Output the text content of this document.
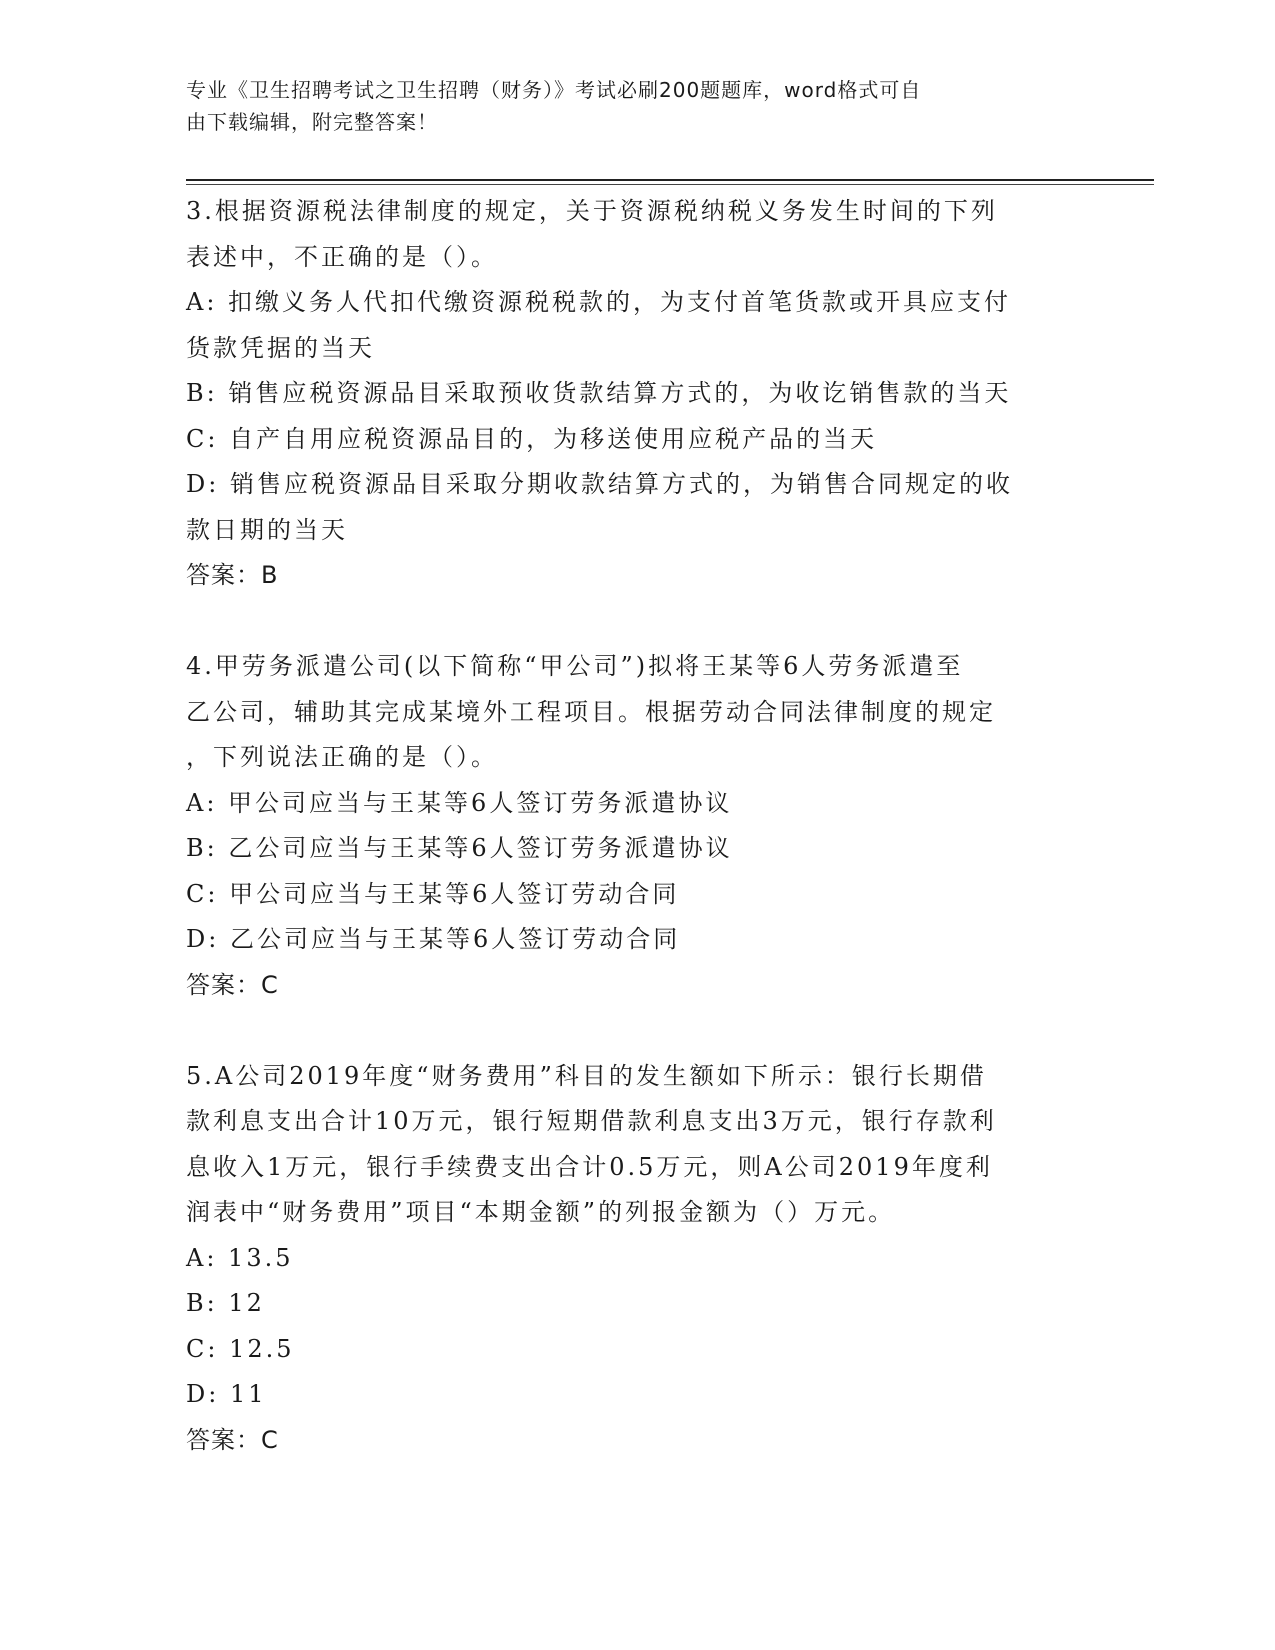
专业《卫生招聘考试之卫生招聘（财务）》考试必刷200题题库，word格式可自
由下载编辑，附完整答案！

3.根据资源税法律制度的规定，关于资源税纳税义务发生时间的下列

表述中，不正确的是（）。

A: 扣缴义务人代扣代缴资源税税款的，为支付首笔货款或开具应支付

货款凭据的当天

B: 销售应税资源品目采取预收货款结算方式的，为收讫销售款的当天

C: 自产自用应税资源品目的，为移送使用应税产品的当天

D: 销售应税资源品目采取分期收款结算方式的，为销售合同规定的收

款日期的当天

答案：B

4.甲劳务派遣公司(以下简称“甲公司”)拟将王某等6人劳务派遣至

乙公司，辅助其完成某境外工程项目。根据劳动合同法律制度的规定

，下列说法正确的是（）。

A: 甲公司应当与王某等6人签订劳务派遣协议

B: 乙公司应当与王某等6人签订劳务派遣协议

C: 甲公司应当与王某等6人签订劳动合同

D: 乙公司应当与王某等6人签订劳动合同

答案：C

5.A公司2019年度“财务费用”科目的发生额如下所示：银行长期借

款利息支出合计10万元，银行短期借款利息支出3万元，银行存款利

息收入1万元，银行手续费支出合计0.5万元，则A公司2019年度利

润表中“财务费用”项目“本期金额”的列报金额为（）万元。

A: 13.5

B: 12

C: 12.5

D: 11

答案：C
